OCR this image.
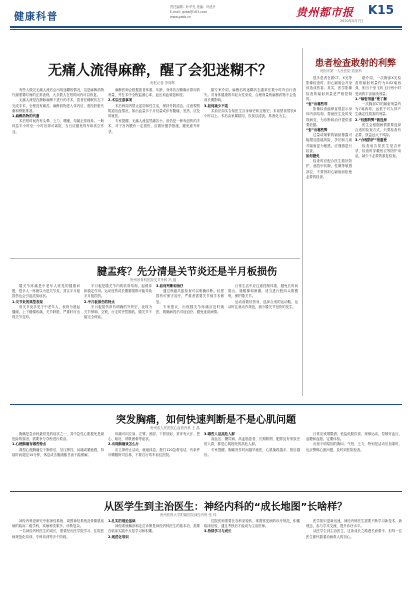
健康科普
责任编辑：叶华光 美编：叶延升
E-mail: gzbb@163.com
www.gzbb.cn	贵州都市报 K15
2020年5月7日
无痛人流得麻醉，醒了会犯迷糊不？
贵报记者 李尚辉

有些人做完无痛人流后会出现迷糊的情况，这是麻醉药物代谢需要时间的正常表现，大多数人在短时间内可以恢复。

无痛人流是在静脉麻醉下进行的手术，患者在睡眠状态下完成手术，全程没有痛苦。麻醉药物进入体内后，需经肝脏代谢和肾脏排泄。

1.麻醉药物的代谢

术后短时间内有头晕、乏力、嗜睡，均属正常现象。一般休息半小时至一小时后即可离院，当日应避免驾车和高空作业。

麻醉医师会根据患者体重、年龄、身体状况精确计算用药剂量，并在术中全程监测心率、血压和血氧饱和度。

2.术后注意事项

术后两周内禁止盆浴和性生活，保持外阴清洁，注意观察阴道出血情况，如出血量多于月经量或伴有腹痛、发热，应及时就医。

专家提醒，无痛人流虽然痛苦小，但仍是一种有创伤的手术，对子宫内膜有一定损伤，应做好避孕措施，避免意外怀孕。

据专家介绍，麻醉后的迷糊状态通常在数小时内自行消失。对身体健康的年轻女性来说，合理剂量的麻醉药物不会造成长期影响。

3.如何减少不适

术前应如实告知医生自身病史和过敏史，术前禁食禁饮6小时以上，术后由家属陪同，饮食以清淡、易消化为主。

患者检查敢射的利弊
贵阳市第一人民医院 放射科

很多患者在做CT、X光等影像检查时，担心辐射会对身体造成伤害。其实，医学影像检查的辐射剂量是严格控制的。

“射”出哪些利

影像检查能够直观显示身体内部结构，帮助医生及时发现病变，为诊断和治疗提供重要依据。

“射”出哪些弊

过量或频繁的辐射暴露可能增加患癌风险，孕妇和儿童对辐射更为敏感，应谨慎进行检查。

如何避免

检查时应配合医生做好防护，遮挡甲状腺、性腺等敏感部位，不要因担心辐射而拒绝必要的检查。

据介绍，一次胸部X光检查的辐射剂量约为0.02毫西弗，相当于坐飞机飞行两小时受到的宇宙射线剂量。

1.“辐射剂量”要了解

一次胸部CT的辐射剂量约为7毫西弗，远低于对人体产生确定性损害的剂量。

2.“权衡利弊”做选择

医生会根据病情需要选择合适的检查方式，只要检查有必要，获益远大于风险。

3.“合理防护”很重要

检查前告知医生是否怀孕，检查时穿戴铅衣等防护用品，减少不必要的重复检查。

腱盂疼？先分清是关节炎还是半月板损伤
贵州省骨科医院关节外科 冯 磊

膝关节疼痛是中老年人常见的健康问题，很多人一疼就以为是关节炎，其实半月板损伤也会引起类似症状。

1.关节炎的典型表现

骨关节炎多见于中老年人，表现为晨起僵硬、上下楼梯疼痛、关节肿胀，严重时可出现关节变形。

半月板是膝关节内的软骨结构，起缓冲和稳定作用。运动扭伤或长期磨损都可能导致半月板损伤。

2.半月板损伤的特点

半月板损伤常有明确的外伤史，表现为关节弹响、交锁，行走时突然腿软，膝关节不能完全伸直。

3.如何判断和治疗

通过核磁共振检查可以明确诊断。轻度损伤可保守治疗，严重者需要关节镜手术修复。

专家建议，出现膝关节疼痛应及时就医，明确病因后对症治疗，避免延误病情。

日常生活中应注意控制体重，避免长时间爬山、爬楼梯和深蹲，适当进行股四头肌锻炼，保护膝关节。

运动前做好热身，选择合适的运动鞋，运动时注意动作规范，减少膝关节扭伤的发生。

突发胸痛，如何快速判断是不是心肌问题
贵州省人民医院心血管内科 王 晶

胸痛是急诊科最常见的症状之一，其中急性心肌梗死是最危险的原因，需要争分夺秒进行救治。

1.心梗胸痛有哪些特点

典型心梗胸痛位于胸骨后，呈压榨性、闷痛或紧缩感，持续时间超过15分钟，休息或含服硝酸甘油不能缓解。

疼痛可向左肩、左臂、颈部、下颌放射，常伴有大汗、恶心、呕吐、呼吸困难等症状。

2.出现胸痛该怎么办

应立即停止活动，就地休息，拨打120急救电话，有条件可嚼服阿司匹林，不要自行驾车前往医院。

3.哪些人是高危人群

高血压、糖尿病、高血脂患者，长期吸烟、肥胖及有家族史的人群，都是心肌梗死的高危人群。

专家提醒，胸痛发作时间越早就医，心肌挽救越多，预后越好。

日常应戒烟限酒，低盐低脂饮食，规律运动，控制好血压、血糖和血脂，定期体检。

出现不明原因的胸闷、气短、乏力，特别是活动后加重时，也应警惕心脏问题，及时到医院检查。

从医学生到主治医生：神经内科的“成长地图”长啥样？
贵州医科大学附属医院神经内科 张 伟

神经内科是研究中枢神经系统、周围神经系统及骨骼肌疾病的临床二级学科，疾病种类繁多，诊断复杂。

一名神经内科医生的成长，需要经历医学院学习、住院医师规范化培训、专科培训等多个阶段。

1.扎实的理论基础

神经系统解剖和定位诊断是神经内科医生的基本功，需要在临床实践中反复学习和积累。

2.规范化培训

住院医师需要在各科室轮转，掌握常见病的诊疗规范，积累临床经验，通过考核后才能成为主治医师。

3.持续学习与成长

医学知识更新迅速，神经内科医生需要不断学习新技术、新理念，参与学术交流，提升诊疗水平。

从医学生到主治医生，这条成长之路漫长而艰辛，但每一位医生都怀揣着治病救人的初心。
